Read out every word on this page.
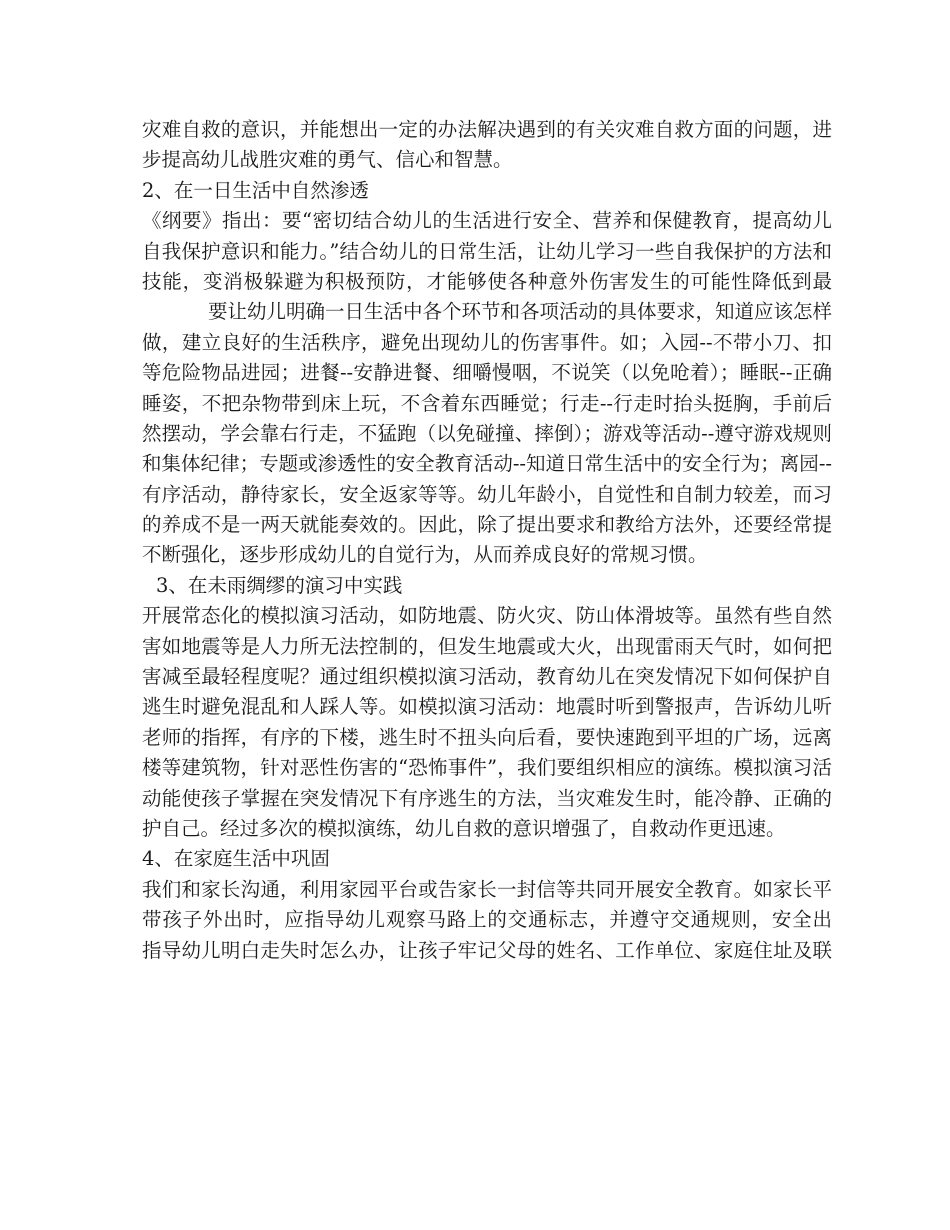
灾难自救的意识，并能想出一定的办法解决遇到的有关灾难自救方面的问题，进
步提高幼儿战胜灾难的勇气、信心和智慧。
2、在一日生活中自然渗透
《纲要》指出：要“密切结合幼儿的生活进行安全、营养和保健教育，提高幼儿
自我保护意识和能力。”结合幼儿的日常生活，让幼儿学习一些自我保护的方法和
技能，变消极躲避为积极预防，才能够使各种意外伤害发生的可能性降低到最
要让幼儿明确一日生活中各个环节和各项活动的具体要求，知道应该怎样
做，建立良好的生活秩序，避免出现幼儿的伤害事件。如；入园--不带小刀、扣
等危险物品进园；进餐--安静进餐、细嚼慢咽，不说笑（以免呛着）；睡眠--正确
睡姿，不把杂物带到床上玩，不含着东西睡觉；行走--行走时抬头挺胸，手前后
然摆动，学会靠右行走，不猛跑（以免碰撞、摔倒）；游戏等活动--遵守游戏规则
和集体纪律；专题或渗透性的安全教育活动--知道日常生活中的安全行为；离园--
有序活动，静待家长，安全返家等等。幼儿年龄小，自觉性和自制力较差，而习
的养成不是一两天就能奏效的。因此，除了提出要求和教给方法外，还要经常提
不断强化，逐步形成幼儿的自觉行为，从而养成良好的常规习惯。
3、在未雨绸缪的演习中实践
开展常态化的模拟演习活动，如防地震、防火灾、防山体滑坡等。虽然有些自然
害如地震等是人力所无法控制的，但发生地震或大火，出现雷雨天气时，如何把
害减至最轻程度呢？通过组织模拟演习活动，教育幼儿在突发情况下如何保护自
逃生时避免混乱和人踩人等。如模拟演习活动：地震时听到警报声，告诉幼儿听
老师的指挥，有序的下楼，逃生时不扭头向后看，要快速跑到平坦的广场，远离
楼等建筑物，针对恶性伤害的“恐怖事件”，我们要组织相应的演练。模拟演习活
动能使孩子掌握在突发情况下有序逃生的方法，当灾难发生时，能冷静、正确的
护自己。经过多次的模拟演练，幼儿自救的意识增强了，自救动作更迅速。
4、在家庭生活中巩固
我们和家长沟通，利用家园平台或告家长一封信等共同开展安全教育。如家长平
带孩子外出时，应指导幼儿观察马路上的交通标志，并遵守交通规则，安全出
指导幼儿明白走失时怎么办，让孩子牢记父母的姓名、工作单位、家庭住址及联
